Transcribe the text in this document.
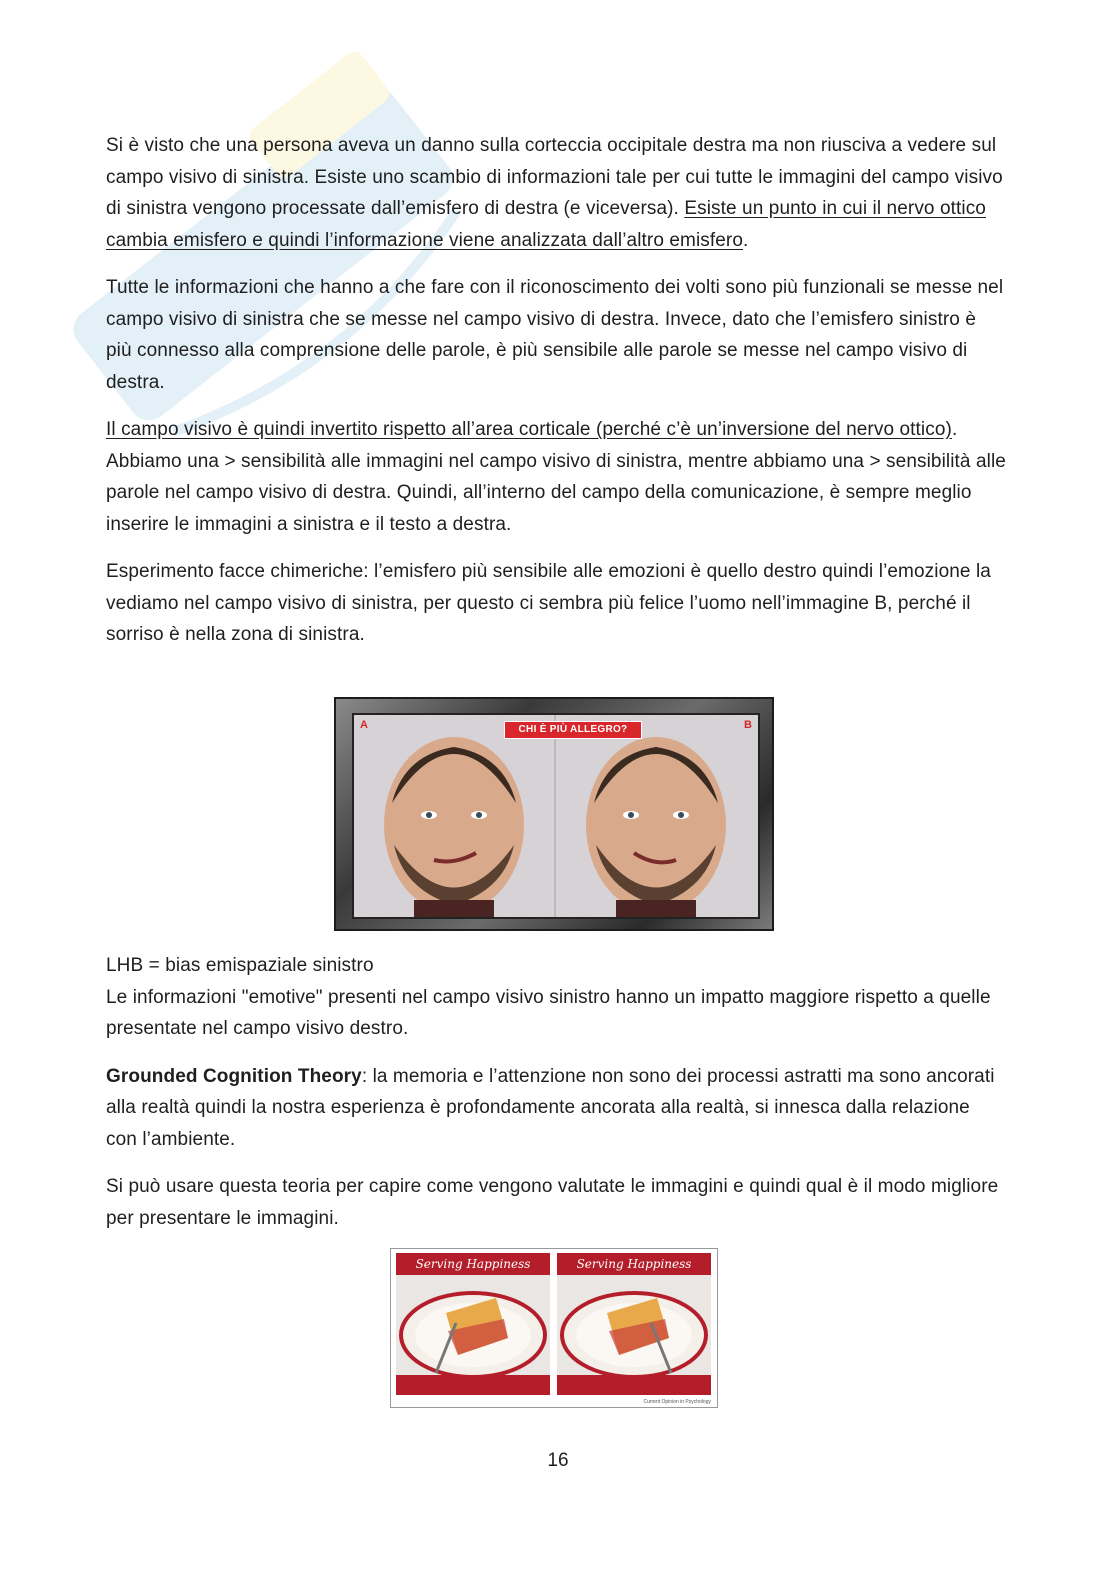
Si è visto che una persona aveva un danno sulla corteccia occipitale destra ma non riusciva a vedere sul campo visivo di sinistra. Esiste uno scambio di informazioni tale per cui tutte le immagini del campo visivo di sinistra vengono processate dall’emisfero di destra (e viceversa). Esiste un punto in cui il nervo ottico cambia emisfero e quindi l’informazione viene analizzata dall’altro emisfero.

Tutte le informazioni che hanno a che fare con il riconoscimento dei volti sono più funzionali se messe nel campo visivo di sinistra che se messe nel campo visivo di destra. Invece, dato che l’emisfero sinistro è più connesso alla comprensione delle parole, è più sensibile alle parole se messe nel campo visivo di destra.

Il campo visivo è quindi invertito rispetto all’area corticale (perché c’è un’inversione del nervo ottico). Abbiamo una > sensibilità alle immagini nel campo visivo di sinistra, mentre abbiamo una > sensibilità alle parole nel campo visivo di destra. Quindi, all’interno del campo della comunicazione, è sempre meglio inserire le immagini a sinistra e il testo a destra.

Esperimento facce chimeriche: l’emisfero più sensibile alle emozioni è quello destro quindi l’emozione la vediamo nel campo visivo di sinistra, per questo ci sembra più felice l’uomo nell’immagine B, perché il sorriso è nella zona di sinistra.

CHI È PIÙ ALLEGRO?
A	B

LHB = bias emispaziale sinistro

Le informazioni "emotive" presenti nel campo visivo sinistro hanno un impatto maggiore rispetto a quelle presentate nel campo visivo destro.

Grounded Cognition Theory: la memoria e l’attenzione non sono dei processi astratti ma sono ancorati alla realtà quindi la nostra esperienza è profondamente ancorata alla realtà, si innesca dalla relazione con l’ambiente.

Si può usare questa teoria per capire come vengono valutate le immagini e quindi qual è il modo migliore per presentare le immagini.

Serving Happiness	Serving Happiness
Current Opinion in Psychology
16
